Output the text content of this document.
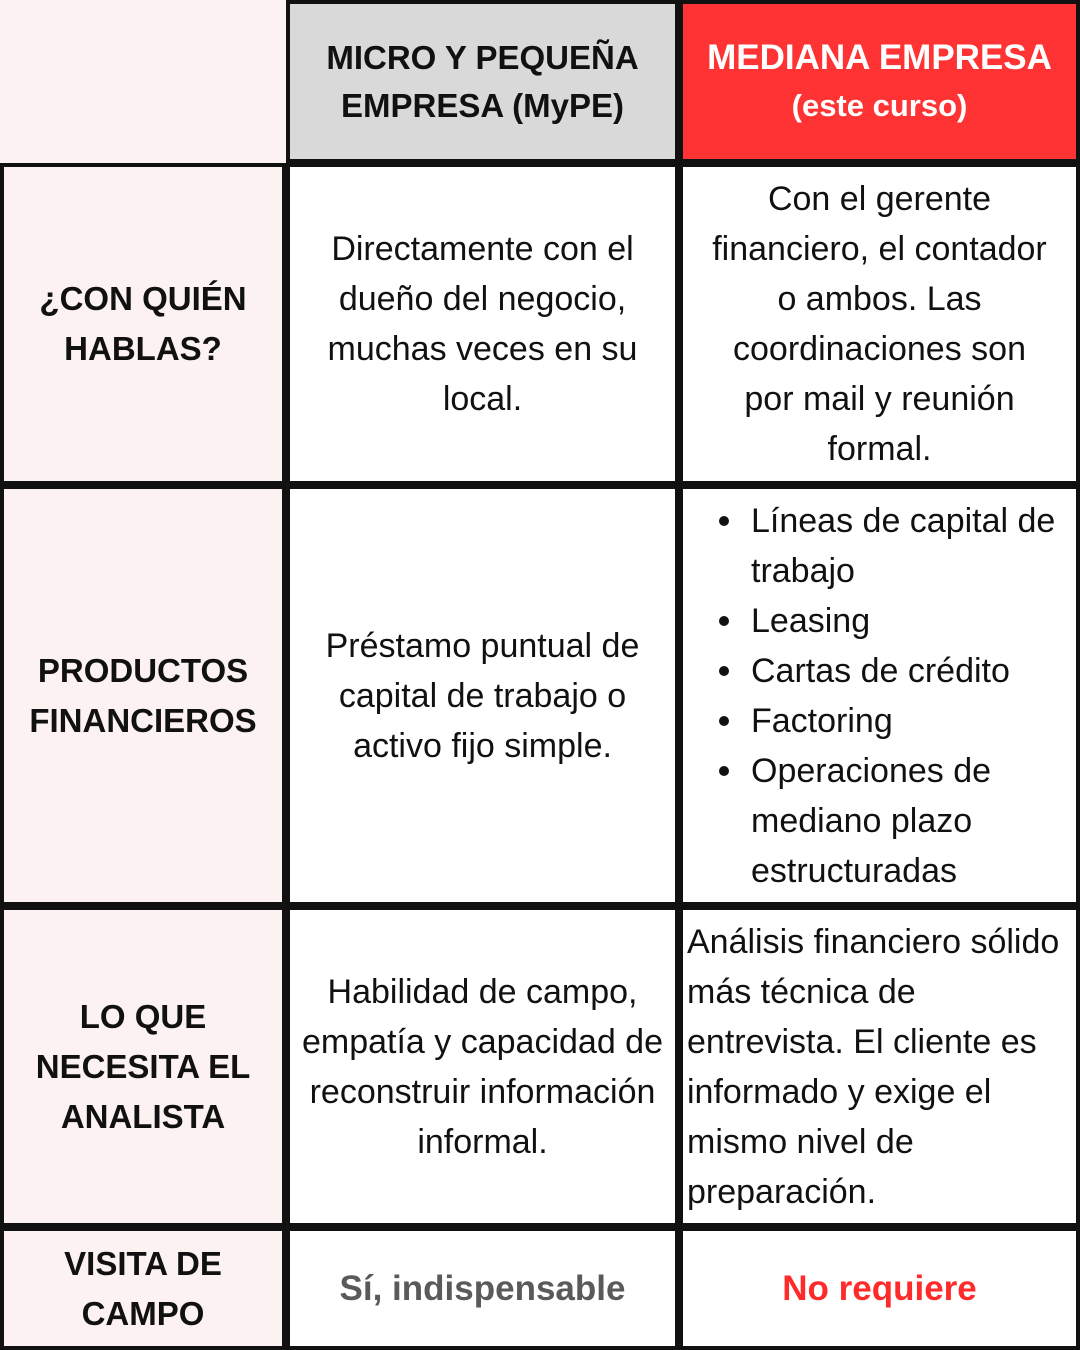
MICRO Y PEQUEÑA EMPRESA (MyPE)
MEDIANA EMPRESA
(este curso)
¿CON QUIÉN HABLAS?
Directamente con el dueño del negocio, muchas veces en su local.
Con el gerente financiero, el contador o ambos. Las coordinaciones son por mail y reunión formal.
PRODUCTOS FINANCIEROS
Préstamo puntual de capital de trabajo o activo fijo simple.
Líneas de capital de trabajo
Leasing
Cartas de crédito
Factoring
Operaciones de mediano plazo estructuradas
LO QUE NECESITA EL ANALISTA
Habilidad de campo, empatía y capacidad de reconstruir información informal.
Análisis financiero sólido más técnica de entrevista. El cliente es informado y exige el mismo nivel de preparación.
VISITA DE CAMPO
Sí, indispensable	No requiere
